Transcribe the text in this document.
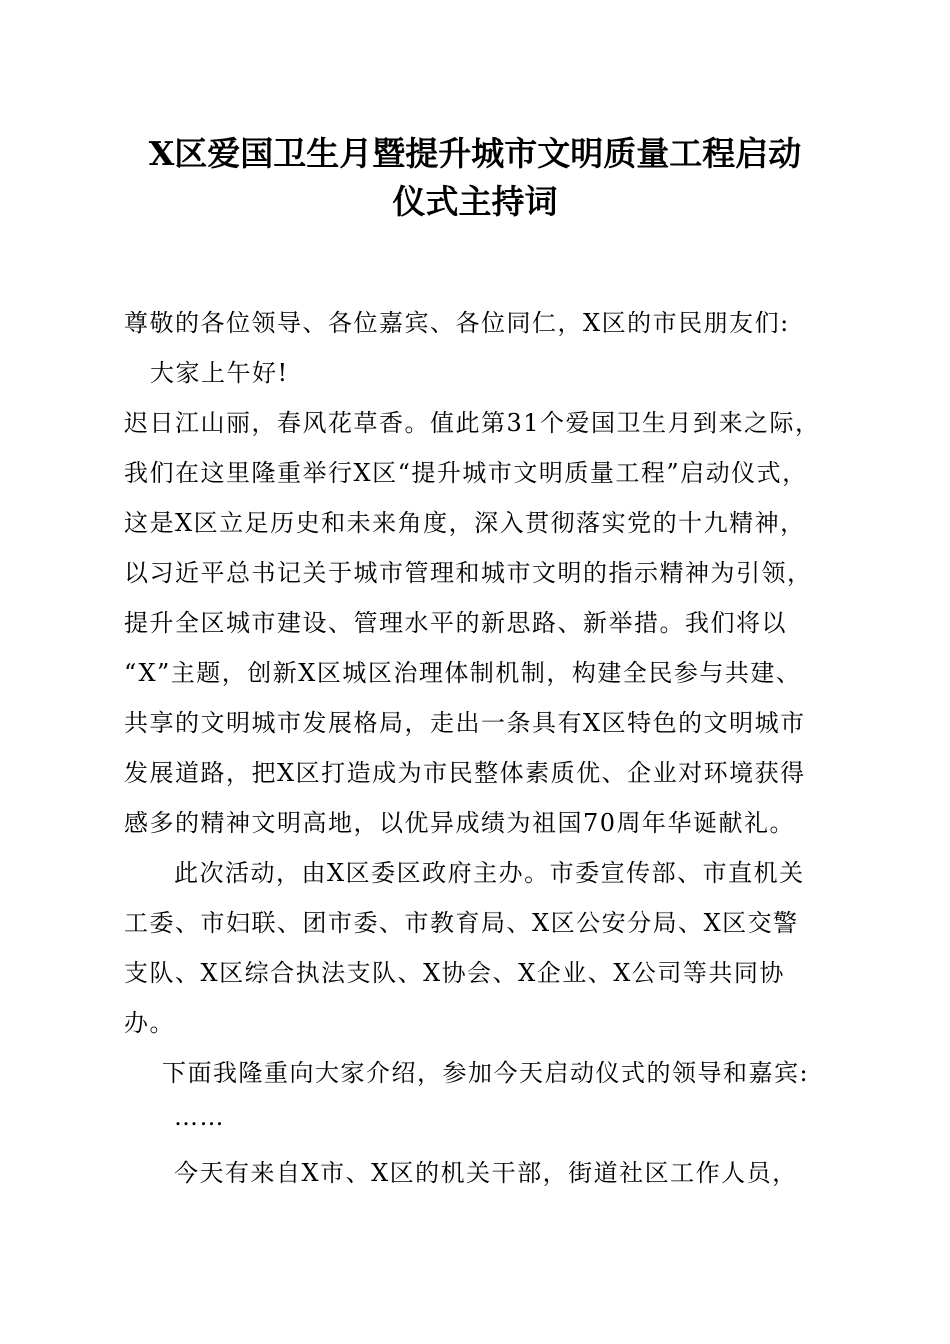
X区爱国卫生月暨提升城市文明质量工程启动
仪式主持词
尊敬的各位领导、各位嘉宾、各位同仁，X区的市民朋友们:
大家上午好!
迟日江山丽，春风花草香。值此第31个爱国卫生月到来之际，
我们在这里隆重举行X区“提升城市文明质量工程”启动仪式，
这是X区立足历史和未来角度，深入贯彻落实党的十九精神，
以习近平总书记关于城市管理和城市文明的指示精神为引领，
提升全区城市建设、管理水平的新思路、新举措。我们将以
“X”主题，创新X区城区治理体制机制，构建全民参与共建、
共享的文明城市发展格局，走出一条具有X区特色的文明城市
发展道路，把X区打造成为市民整体素质优、企业对环境获得
感多的精神文明高地，以优异成绩为祖国70周年华诞献礼。
此次活动，由X区委区政府主办。市委宣传部、市直机关
工委、市妇联、团市委、市教育局、X区公安分局、X区交警
支队、X区综合执法支队、X协会、X企业、X公司等共同协
办。
下面我隆重向大家介绍，参加今天启动仪式的领导和嘉宾:
……
今天有来自X市、X区的机关干部，街道社区工作人员，
